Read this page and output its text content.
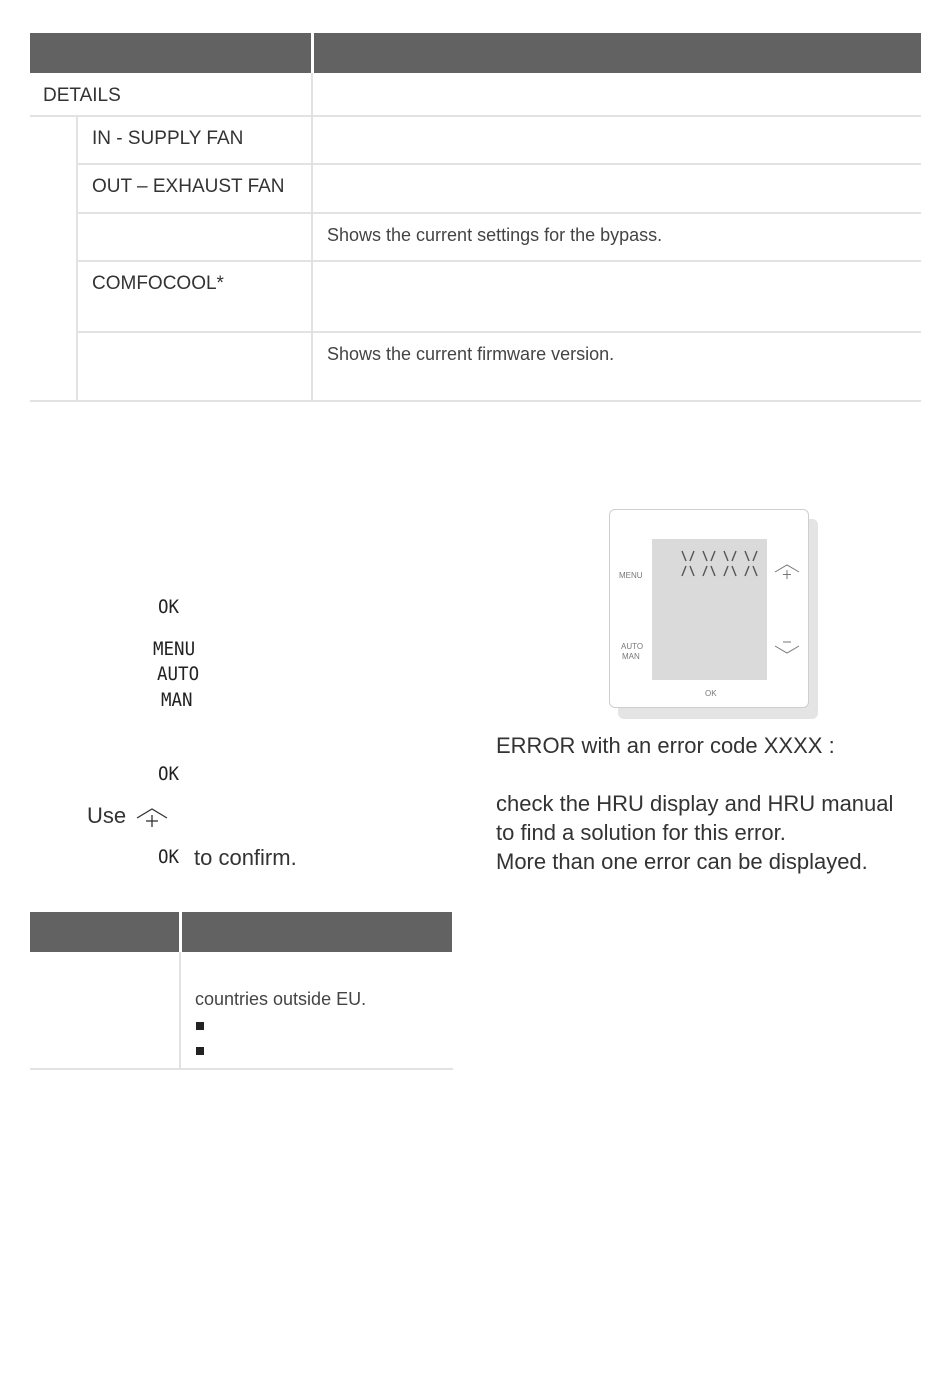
DETAILS
IN - SUPPLY FAN
OUT – EXHAUST FAN
Shows the current settings for the bypass.
COMFOCOOL*
Shows the current firmware version.
OK
MENU
AUTO
MAN
OK
Use
OK to confirm.
MENU
AUTO
MAN
OK
ERROR with an error code XXXX :
check the HRU display and HRU manual
to find a solution for this error.
More than one error can be displayed.
countries outside EU.
